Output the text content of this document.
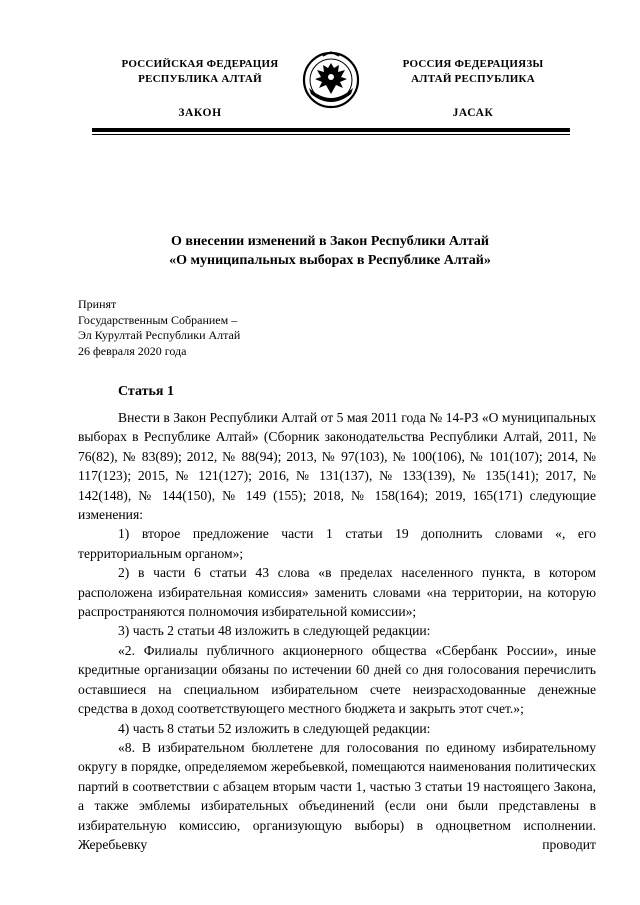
РОССИЙСКАЯ ФЕДЕРАЦИЯ
РЕСПУБЛИКА АЛТАЙ
ЗАКОН
РОССИЯ ФЕДЕРАЦИЯЗЫ
АЛТАЙ РЕСПУБЛИКА
JАСАК
О внесении изменений в Закон Республики Алтай
«О муниципальных выборах в Республике Алтай»
Принят
Государственным Собранием –
Эл Курултай Республики Алтай
26 февраля 2020 года
Статья 1

Внести в Закон Республики Алтай от 5 мая 2011 года № 14-РЗ «О муниципальных выборах в Республике Алтай» (Сборник законодательства Республики Алтай, 2011, № 76(82), № 83(89); 2012, № 88(94); 2013, № 97(103), № 100(106), № 101(107); 2014, № 117(123); 2015, № 121(127); 2016, № 131(137), № 133(139), № 135(141); 2017, № 142(148), № 144(150), № 149 (155); 2018, № 158(164); 2019, 165(171) следующие изменения:

1) второе предложение части 1 статьи 19 дополнить словами «, его территориальным органом»;

2) в части 6 статьи 43 слова «в пределах населенного пункта, в котором расположена избирательная комиссия» заменить словами «на территории, на которую распространяются полномочия избирательной комиссии»;

3) часть 2 статьи 48 изложить в следующей редакции:

«2. Филиалы публичного акционерного общества «Сбербанк России», иные кредитные организации обязаны по истечении 60 дней со дня голосования перечислить оставшиеся на специальном избирательном счете неизрасходованные денежные средства в доход соответствующего местного бюджета и закрыть этот счет.»;

4) часть 8 статьи 52 изложить в следующей редакции:

«8. В избирательном бюллетене для голосования по единому избирательному округу в порядке, определяемом жеребьевкой, помещаются наименования политических партий в соответствии с абзацем вторым части 1, частью 3 статьи 19 настоящего Закона, а также эмблемы избирательных объединений (если они были представлены в избирательную комиссию, организующую выборы) в одноцветном исполнении. Жеребьевку проводит
